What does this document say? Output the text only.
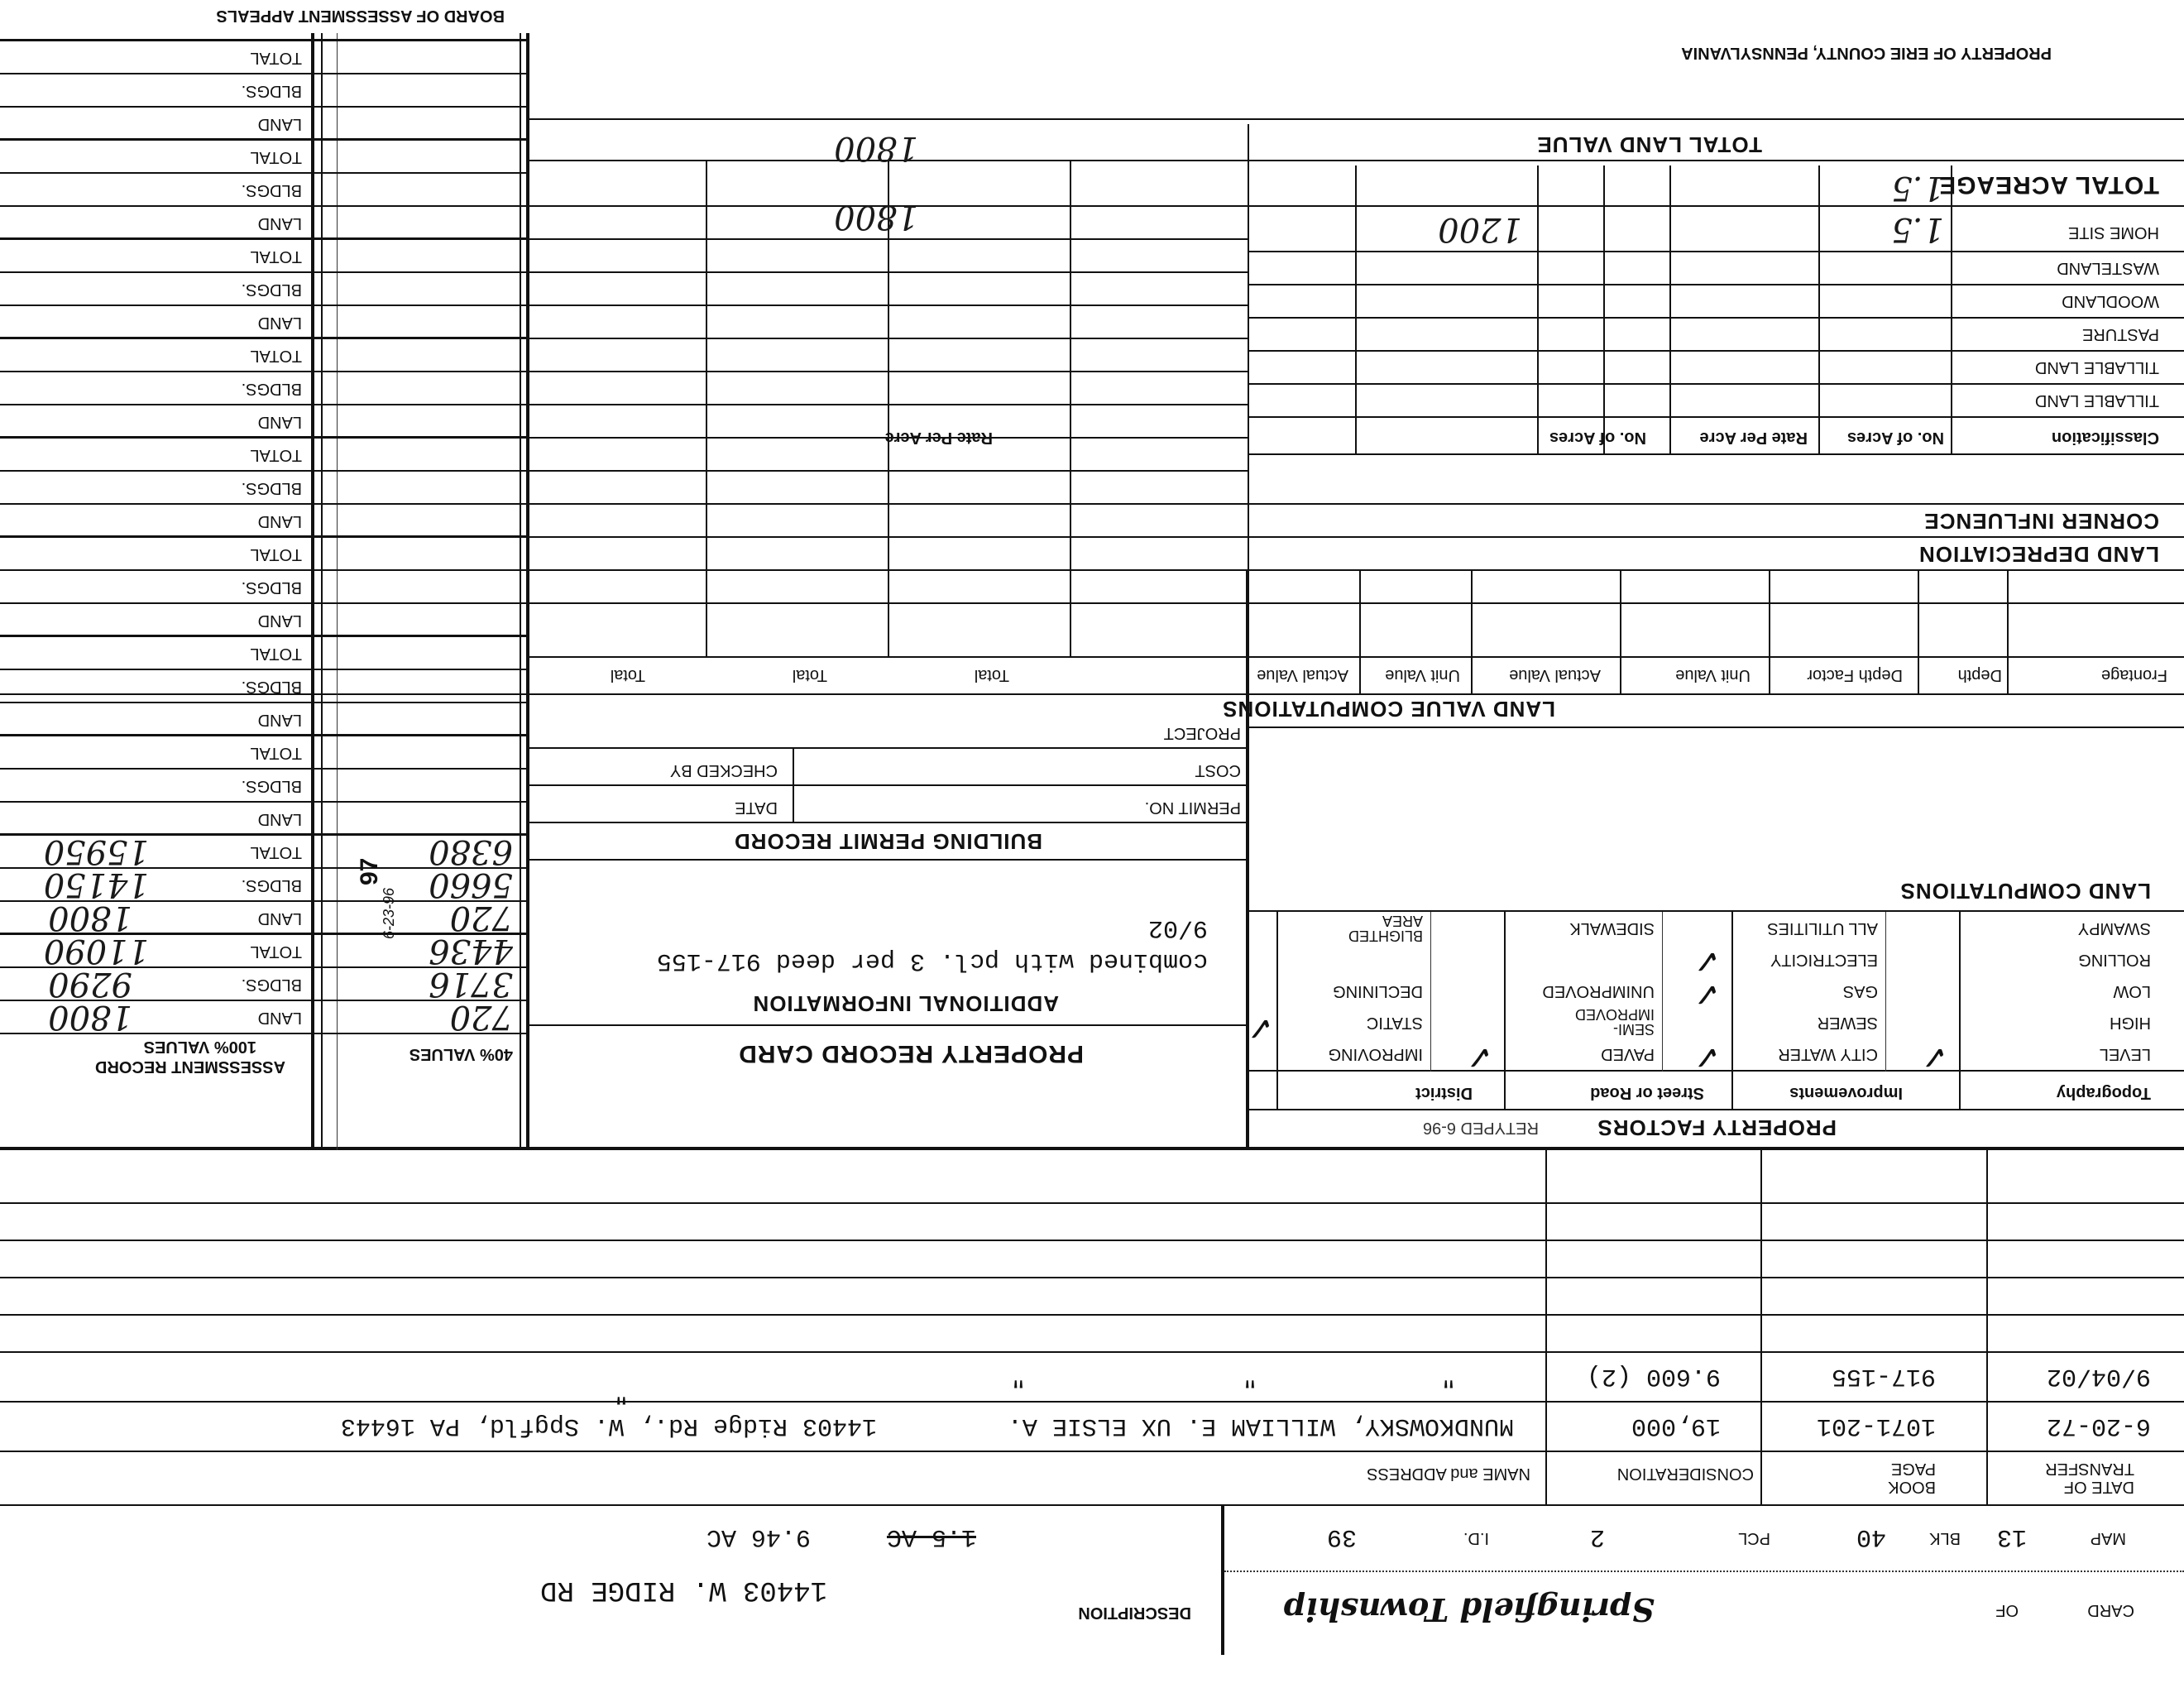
CARD
OF
Springfield Township
DESCRIPTION
14403 W. RIDGE RD
MAP
13
BLK
40
PCL
2
I.D.
39
1.5 AC
9.46 AC
DATE OF TRANSFER
BOOK PAGE
CONSIDERATION
NAME and ADDRESS
6-20-72
1071-201
19,000
MUNDKOWSKY, WILLIAM E. UX ELSIE A.
14403 Ridge Rd., W. Spgfld, PA 16443
9/04/02
917-155
9.600 (2)
"
"
"
"
PROPERTY FACTORS
RETYPED 6-96
Topography
Improvements
Street or Road
District
LEVEL
HIGH
LOW
ROLLING
SWAMPY
CITY WATER
SEWER
GAS
ELECTRICITY
ALL UTILITIES
PAVED
SEMI-IMPROVED
UNIMPROVED
SIDEWALK
IMPROVING
STATIC
DECLINING
BLIGHTED AREA
✓
✓
✓
✓
✓
✓
LAND COMPUTATIONS
LAND VALUE COMPUTATIONS
Frontage
Depth
Depth Factor
Unit Value
Actual Value
Unit Value
Actual Value
Total
Total
Total
LAND DEPRECIATION
CORNER INFLUENCE
Classification
No. of Acres
Rate Per Acre
No. of Acres
Rate Per Acre
TILLABLE LAND
TILLABLE LAND
PASTURE
WOODLAND
WASTELAND
HOME SITE
1.5
1200
1800
TOTAL ACREAGE
1.5
TOTAL LAND VALUE
1800
PROPERTY OF ERIE COUNTY, PENNSYLVANIA
PROPERTY RECORD CARD
ADDITIONAL INFORMATION
combined with pcl. 3 per deed 917-155
9/02
BUILDING PERMIT RECORD
PERMIT NO.
DATE
COST
CHECKED BY
PROJECT
40% VALUES
ASSESSMENT RECORD
100% VALUES
LAND
BLDGS.
TOTAL
LAND
BLDGS.
TOTAL
LAND
BLDGS.
TOTAL
LAND
BLDGS.
TOTAL
LAND
BLDGS.
TOTAL
LAND
BLDGS.
TOTAL
LAND
BLDGS.
TOTAL
LAND
BLDGS.
TOTAL
LAND
BLDGS.
TOTAL
LAND
BLDGS.
TOTAL
720
3716
4436
720
5660
6380
6-23-96
97
1800
9290
11090
1800
14150
15950
BOARD OF ASSESSMENT APPEALS
